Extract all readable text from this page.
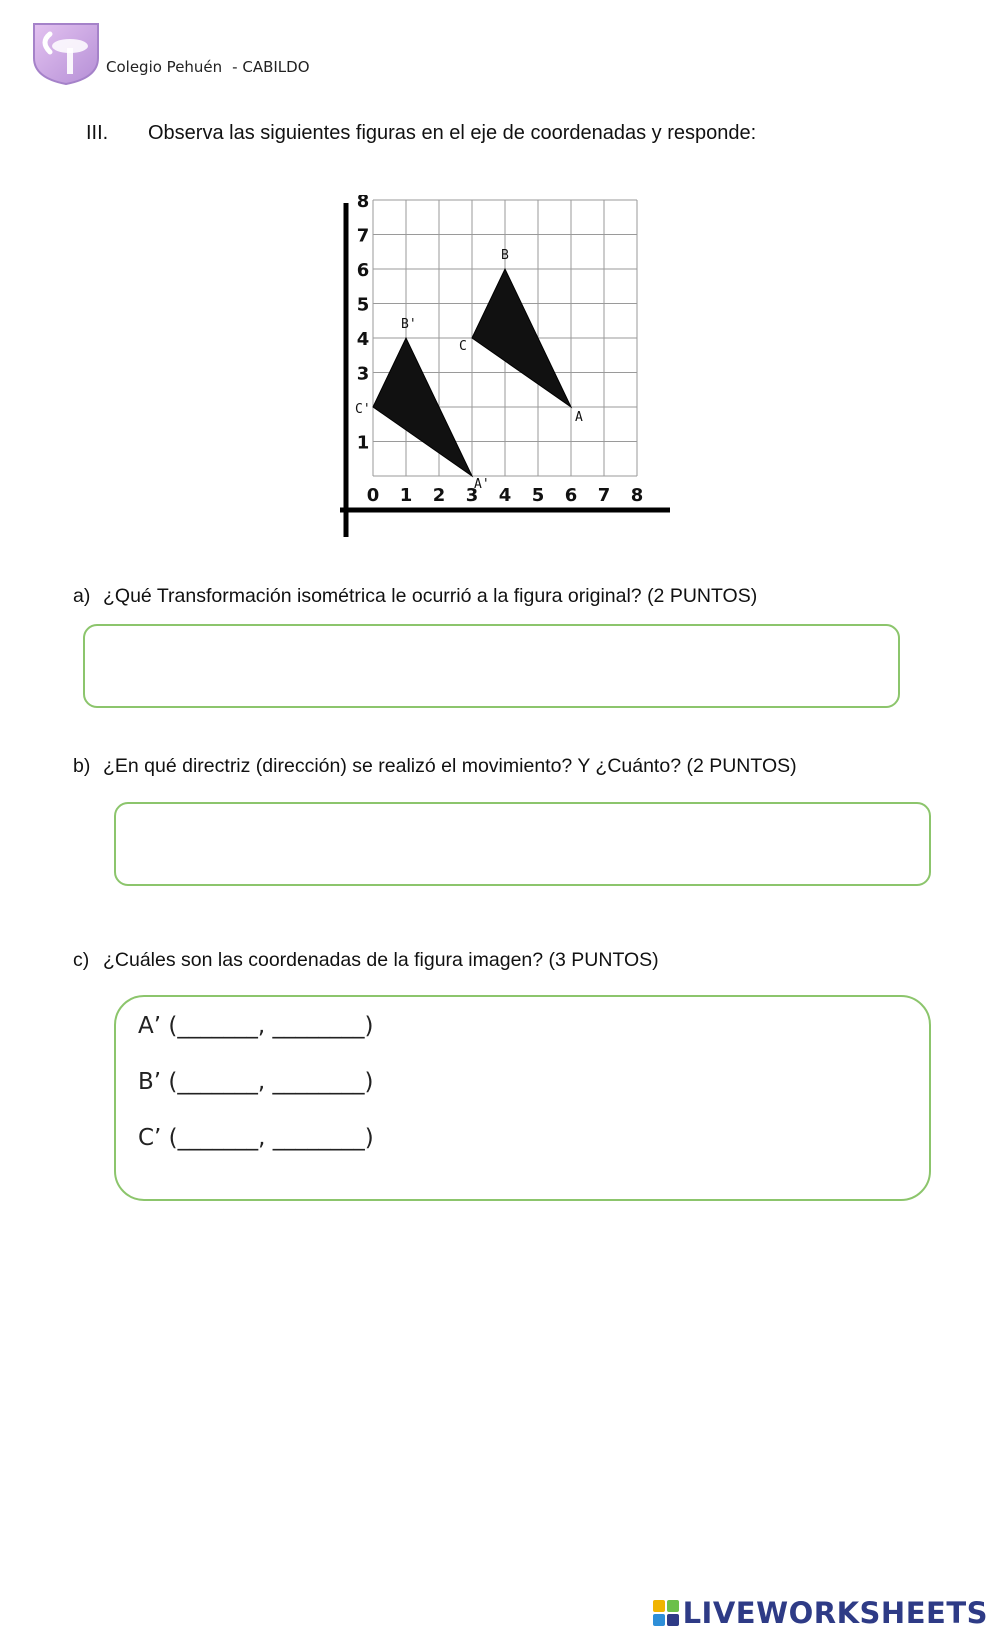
Colegio Pehuén - CABILDO
III. Observa las siguientes figuras en el eje de coordenadas y responde:
0 1 2 3 4 5 6 7 8
1
3
4
5
6
7
8
A
B
C
A'
B'
C'
a) ¿Qué Transformación isométrica le ocurrió a la figura original? (2 PUNTOS)
b) ¿En qué directriz (dirección) se realizó el movimiento? Y ¿Cuánto? (2 PUNTOS)
c) ¿Cuáles son las coordenadas de la figura imagen? (3 PUNTOS)
A’ (_______, ________)
B’ (_______, ________)
C’ (_______, ________)
LIVEWORKSHEETS
